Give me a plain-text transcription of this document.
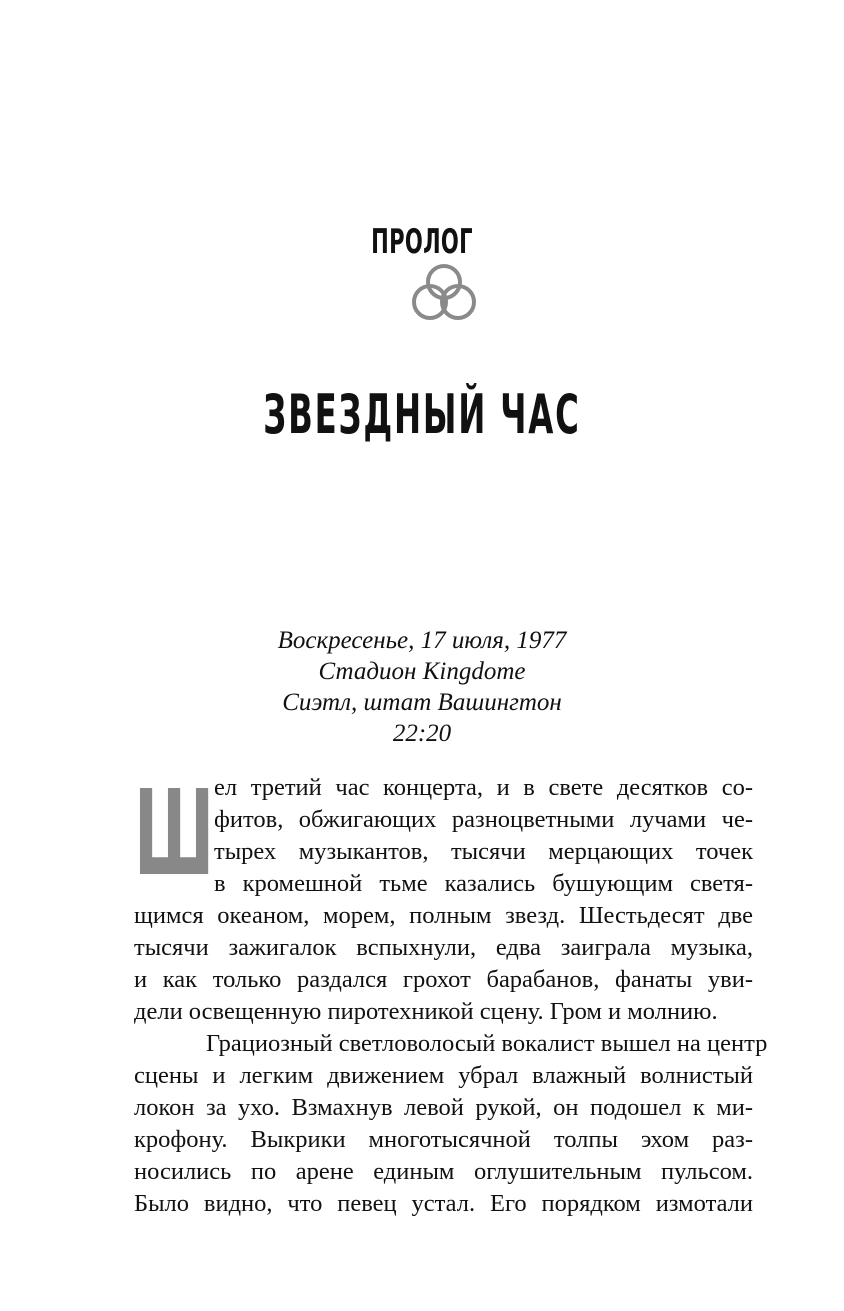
ПРОЛОГ
ЗВЕЗДНЫЙ ЧАС
Воскресенье, 17 июля, 1977
Стадион Kingdome
Сиэтл, штат Вашингтон
22:20
Ш ел третий час концерта, и в свете десятков со-
фитов, обжигающих разноцветными лучами че-
тырех музыкантов, тысячи мерцающих точек
в кромешной тьме казались бушующим светя-
щимся океаном, морем, полным звезд. Шестьдесят две
тысячи зажигалок вспыхнули, едва заиграла музыка,
и как только раздался грохот барабанов, фанаты уви-
дели освещенную пиротехникой сцену. Гром и молнию.
Грациозный светловолосый вокалист вышел на центр
сцены и легким движением убрал влажный волнистый
локон за ухо. Взмахнув левой рукой, он подошел к ми-
крофону. Выкрики многотысячной толпы эхом раз-
носились по арене единым оглушительным пульсом.
Было видно, что певец устал. Его порядком измотали
